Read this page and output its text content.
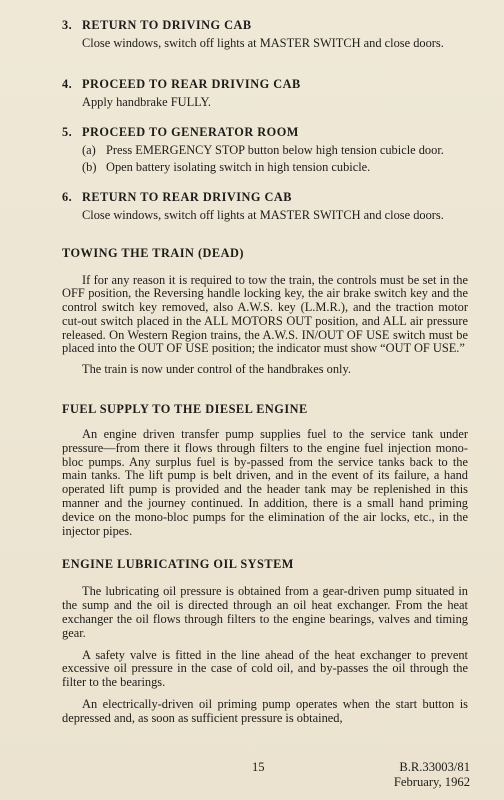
3. RETURN TO DRIVING CAB
Close windows, switch off lights at MASTER SWITCH and close doors.
4. PROCEED TO REAR DRIVING CAB
Apply handbrake FULLY.
5. PROCEED TO GENERATOR ROOM
(a) Press EMERGENCY STOP button below high tension cubicle door.
(b) Open battery isolating switch in high tension cubicle.
6. RETURN TO REAR DRIVING CAB
Close windows, switch off lights at MASTER SWITCH and close doors.
TOWING THE TRAIN (DEAD)

If for any reason it is required to tow the train, the controls must be set in the OFF position, the Reversing handle locking key, the air brake switch key and the control switch key removed, also A.W.S. key (L.M.R.), and the traction motor cut-out switch placed in the ALL MOTORS OUT position, and ALL air pressure released. On Western Region trains, the A.W.S. IN/OUT OF USE switch must be placed into the OUT OF USE position; the indicator must show “OUT OF USE.”

The train is now under control of the handbrakes only.

FUEL SUPPLY TO THE DIESEL ENGINE

An engine driven transfer pump supplies fuel to the service tank under pressure—from there it flows through filters to the engine fuel injection mono-bloc pumps. Any surplus fuel is by-passed from the service tanks back to the main tanks. The lift pump is belt driven, and in the event of its failure, a hand operated lift pump is provided and the header tank may be replenished in this manner and the journey continued. In addition, there is a small hand priming device on the mono-bloc pumps for the elimination of the air locks, etc., in the injector pipes.

ENGINE LUBRICATING OIL SYSTEM

The lubricating oil pressure is obtained from a gear-driven pump situated in the sump and the oil is directed through an oil heat exchanger. From the heat exchanger the oil flows through filters to the engine bearings, valves and timing gear.

A safety valve is fitted in the line ahead of the heat exchanger to prevent excessive oil pressure in the case of cold oil, and by-passes the oil through the filter to the bearings.

An electrically-driven oil priming pump operates when the start button is depressed and, as soon as sufficient pressure is obtained,

15	B.R.33003/81
February, 1962
